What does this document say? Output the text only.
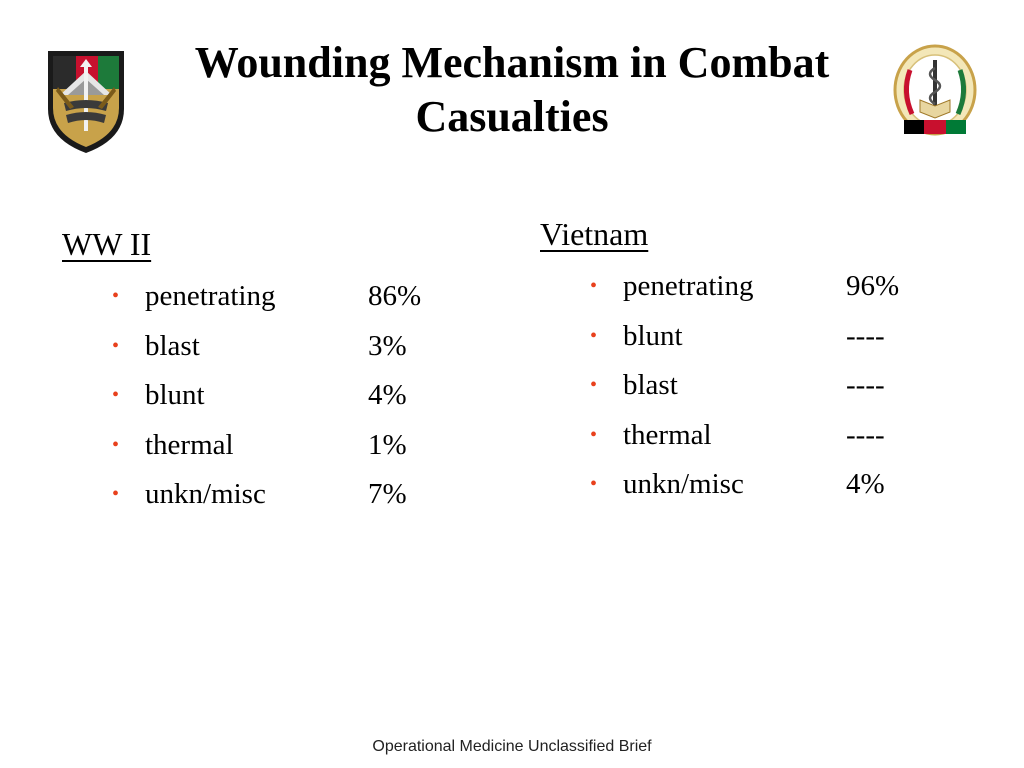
Wounding Mechanism in Combat Casualties
WW II
• penetrating	86%
• blast	3%
• blunt	4%
• thermal	1%
• unkn/misc	7%
Vietnam
• penetrating	96%
• blunt	----
• blast	----
• thermal	----
• unkn/misc	4%
Operational Medicine Unclassified Brief
